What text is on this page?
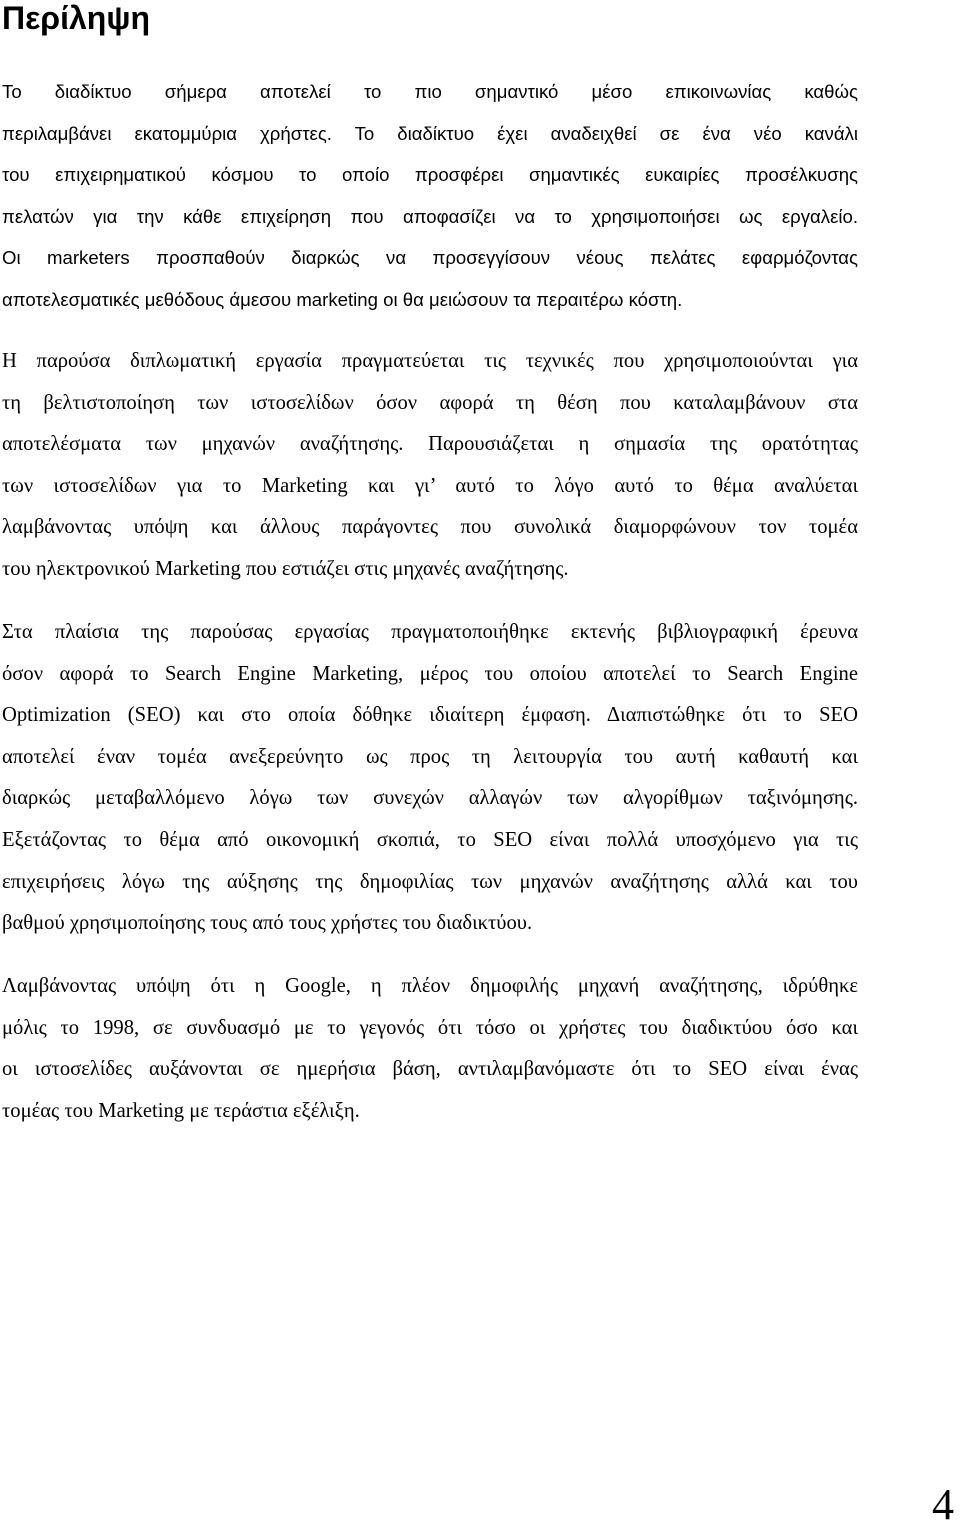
Περίληψη
Το διαδίκτυο σήμερα αποτελεί το πιο σημαντικό μέσο επικοινωνίας καθώς
περιλαμβάνει εκατομμύρια χρήστες. Το διαδίκτυο έχει αναδειχθεί σε ένα νέο κανάλι
του επιχειρηματικού κόσμου το οποίο προσφέρει σημαντικές ευκαιρίες προσέλκυσης
πελατών για την κάθε επιχείρηση που αποφασίζει να το χρησιμοποιήσει ως εργαλείο.
Οι marketers προσπαθούν διαρκώς να προσεγγίσουν νέους πελάτες εφαρμόζοντας
αποτελεσματικές μεθόδους άμεσου marketing οι θα μειώσουν τα περαιτέρω κόστη.
Η παρούσα διπλωματική εργασία πραγματεύεται τις τεχνικές που χρησιμοποιούνται για
τη βελτιστοποίηση των ιστοσελίδων όσον αφορά τη θέση που καταλαμβάνουν στα
αποτελέσματα των μηχανών αναζήτησης. Παρουσιάζεται η σημασία της ορατότητας
των ιστοσελίδων για το Marketing και γι’ αυτό το λόγο αυτό το θέμα αναλύεται
λαμβάνοντας υπόψη και άλλους παράγοντες που συνολικά διαμορφώνουν τον τομέα
του ηλεκτρονικού Marketing που εστιάζει στις μηχανές αναζήτησης.
Στα πλαίσια της παρούσας εργασίας πραγματοποιήθηκε εκτενής βιβλιογραφική έρευνα
όσον αφορά το Search Engine Marketing, μέρος του οποίου αποτελεί το Search Engine
Optimization (SEO) και στο οποία δόθηκε ιδιαίτερη έμφαση. Διαπιστώθηκε ότι το SEO
αποτελεί έναν τομέα ανεξερεύνητο ως προς τη λειτουργία του αυτή καθαυτή και
διαρκώς μεταβαλλόμενο λόγω των συνεχών αλλαγών των αλγορίθμων ταξινόμησης.
Εξετάζοντας το θέμα από οικονομική σκοπιά, το SEO είναι πολλά υποσχόμενο για τις
επιχειρήσεις λόγω της αύξησης της δημοφιλίας των μηχανών αναζήτησης αλλά και του
βαθμού χρησιμοποίησης τους από τους χρήστες του διαδικτύου.
Λαμβάνοντας υπόψη ότι η Google, η πλέον δημοφιλής μηχανή αναζήτησης, ιδρύθηκε
μόλις το 1998, σε συνδυασμό με το γεγονός ότι τόσο οι χρήστες του διαδικτύου όσο και
οι ιστοσελίδες αυξάνονται σε ημερήσια βάση, αντιλαμβανόμαστε ότι το SEO είναι ένας
τομέας του Marketing με τεράστια εξέλιξη.
4
